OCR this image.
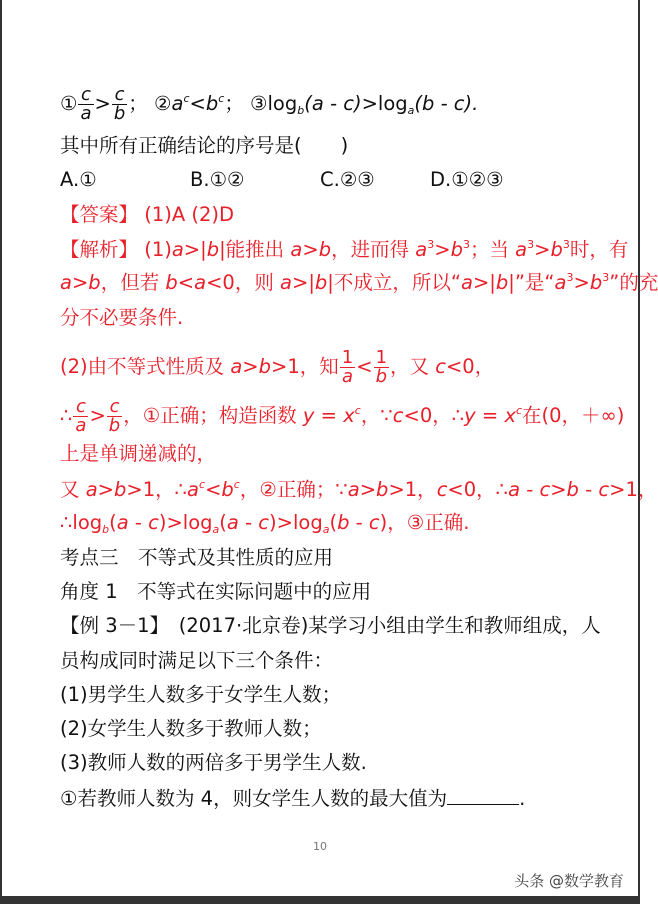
① $\frac{c}{a} > \frac{c}{b}$ ； $②a^c<b^c$； $③\log_b(a - c)>\log_a(b - c)$.
其中所有正确结论的序号是(　　)
A.①	B.①②	C.②③	D.①②③
【答案】 (1)A (2)D
【解析】 (1)a>|b|能推出 a>b，进而得 $a^3>b^3$；当 $a^3>b^3$时，有
a>b，但若 b<a<0，则 a>|b|不成立，所以“a>|b|”是“$a^3>b^3$”的充
分不必要条件.
(2)由不等式性质及 a>b>1，知 $\frac{1}{a} < \frac{1}{b}$ ，又 c<0，
∴ $\frac{c}{a} > \frac{c}{b}$ ，①正确；构造函数 $y = x^c$，∵c<0，∴y = $x^c$在(0，＋∞)
上是单调递减的，
又 a>b>1，$\therefore a^c<b^c$，②正确；∵a>b>1，c<0，∴a - c>b - c>1，
$\therefore\log_b(a - c)>\log_a(a - c)>\log_a(b - c)$，③正确.
考点三　不等式及其性质的应用
角度 1　不等式在实际问题中的应用
【例 3－1】　(2017·北京卷)某学习小组由学生和教师组成，人
员构成同时满足以下三个条件：
(1)男学生人数多于女学生人数；
(2)女学生人数多于教师人数；
(3)教师人数的两倍多于男学生人数.
①若教师人数为 4，则女学生人数的最大值为	.
10
头条 @数学教育
